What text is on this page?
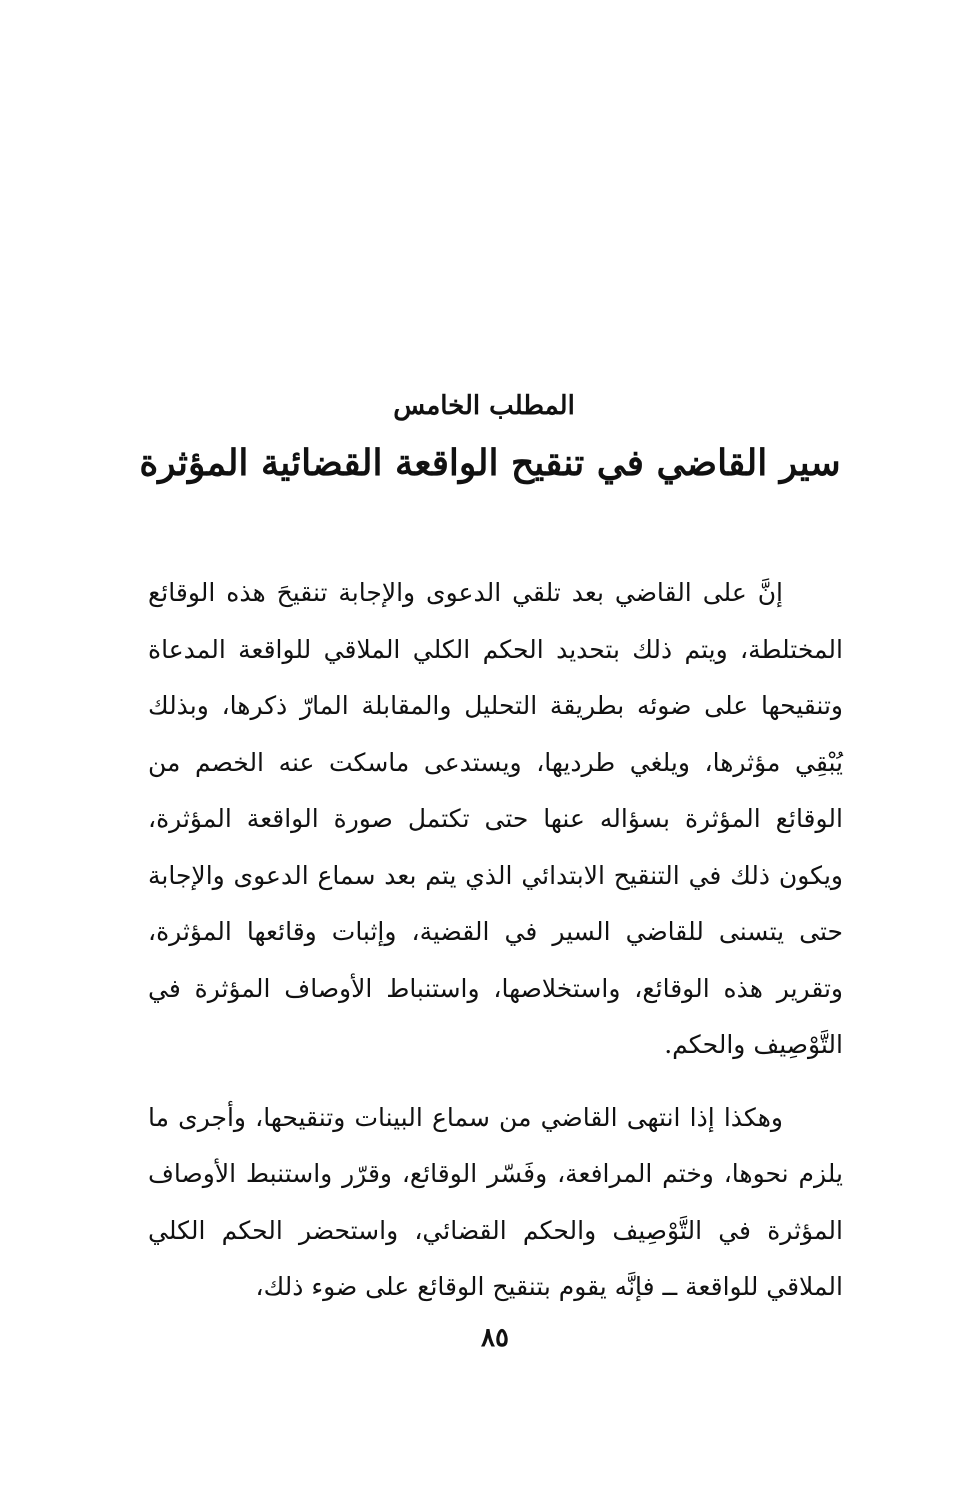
المطلب الخامس
سير القاضي في تنقيح الواقعة القضائية المؤثرة

إنَّ على القاضي بعد تلقي الدعوى والإجابة تنقيحَ هذه الوقائع المختلطة، ويتم ذلك بتحديد الحكم الكلي الملاقي للواقعة المدعاة وتنقيحها على ضوئه بطريقة التحليل والمقابلة المارّ ذكرها، وبذلك يُبْقِي مؤثرها، ويلغي طرديها، ويستدعى ماسكت عنه الخصم من الوقائع المؤثرة بسؤاله عنها حتى تكتمل صورة الواقعة المؤثرة، ويكون ذلك في التنقيح الابتدائي الذي يتم بعد سماع الدعوى والإجابة حتى يتسنى للقاضي السير في القضية، وإثبات وقائعها المؤثرة، وتقرير هذه الوقائع، واستخلاصها، واستنباط الأوصاف المؤثرة في التَّوْصِيف والحكم.

وهكذا إذا انتهى القاضي من سماع البينات وتنقيحها، وأجرى ما يلزم نحوها، وختم المرافعة، وفَسّر الوقائع، وقرّر واستنبط الأوصاف المؤثرة في التَّوْصِيف والحكم القضائي، واستحضر الحكم الكلي الملاقي للواقعة ــ فإنَّه يقوم بتنقيح الوقائع على ضوء ذلك،

٨٥
